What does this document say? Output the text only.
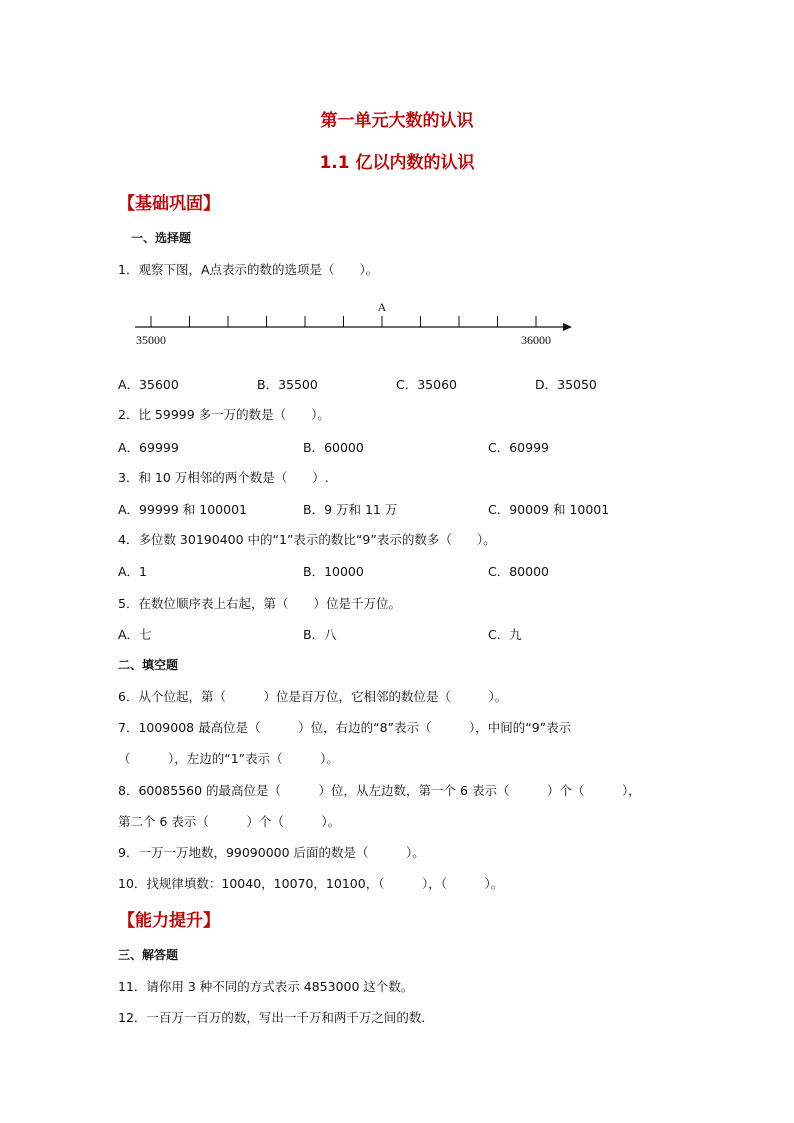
第一单元大数的认识
1.1 亿以内数的认识
【基础巩固】
一、选择题
1．观察下图，A点表示的数的选项是（　　）。
A
35000	36000
A．35600	B．35500	C．35060	D．35050
2．比 59999 多一万的数是（　　）。
A．69999	B．60000	C．60999
3．和 10 万相邻的两个数是（　　）.
A．99999 和 100001	B．9 万和 11 万	C．90009 和 10001
4．多位数 30190400 中的“1”表示的数比“9”表示的数多（　　）。
A．1	B．10000	C．80000
5．在数位顺序表上右起，第（　　）位是千万位。
A．七	B．八	C．九
二、填空题
6．从个位起，第（　　　）位是百万位，它相邻的数位是（　　　）。
7．1009008 最高位是（　　　）位，右边的“8”表示（　　　），中间的“9”表示
（　　　），左边的“1”表示（　　　）。
8．60085560 的最高位是（　　　）位，从左边数，第一个 6 表示（　　　）个（　　　），
第二个 6 表示（　　　）个（　　　）。
9．一万一万地数，99090000 后面的数是（　　　）。
10．找规律填数：10040，10070，10100，（　　　），（　　　）。
【能力提升】
三、解答题
11．请你用 3 种不同的方式表示 4853000 这个数。
12．一百万一百万的数，写出一千万和两千万之间的数．
